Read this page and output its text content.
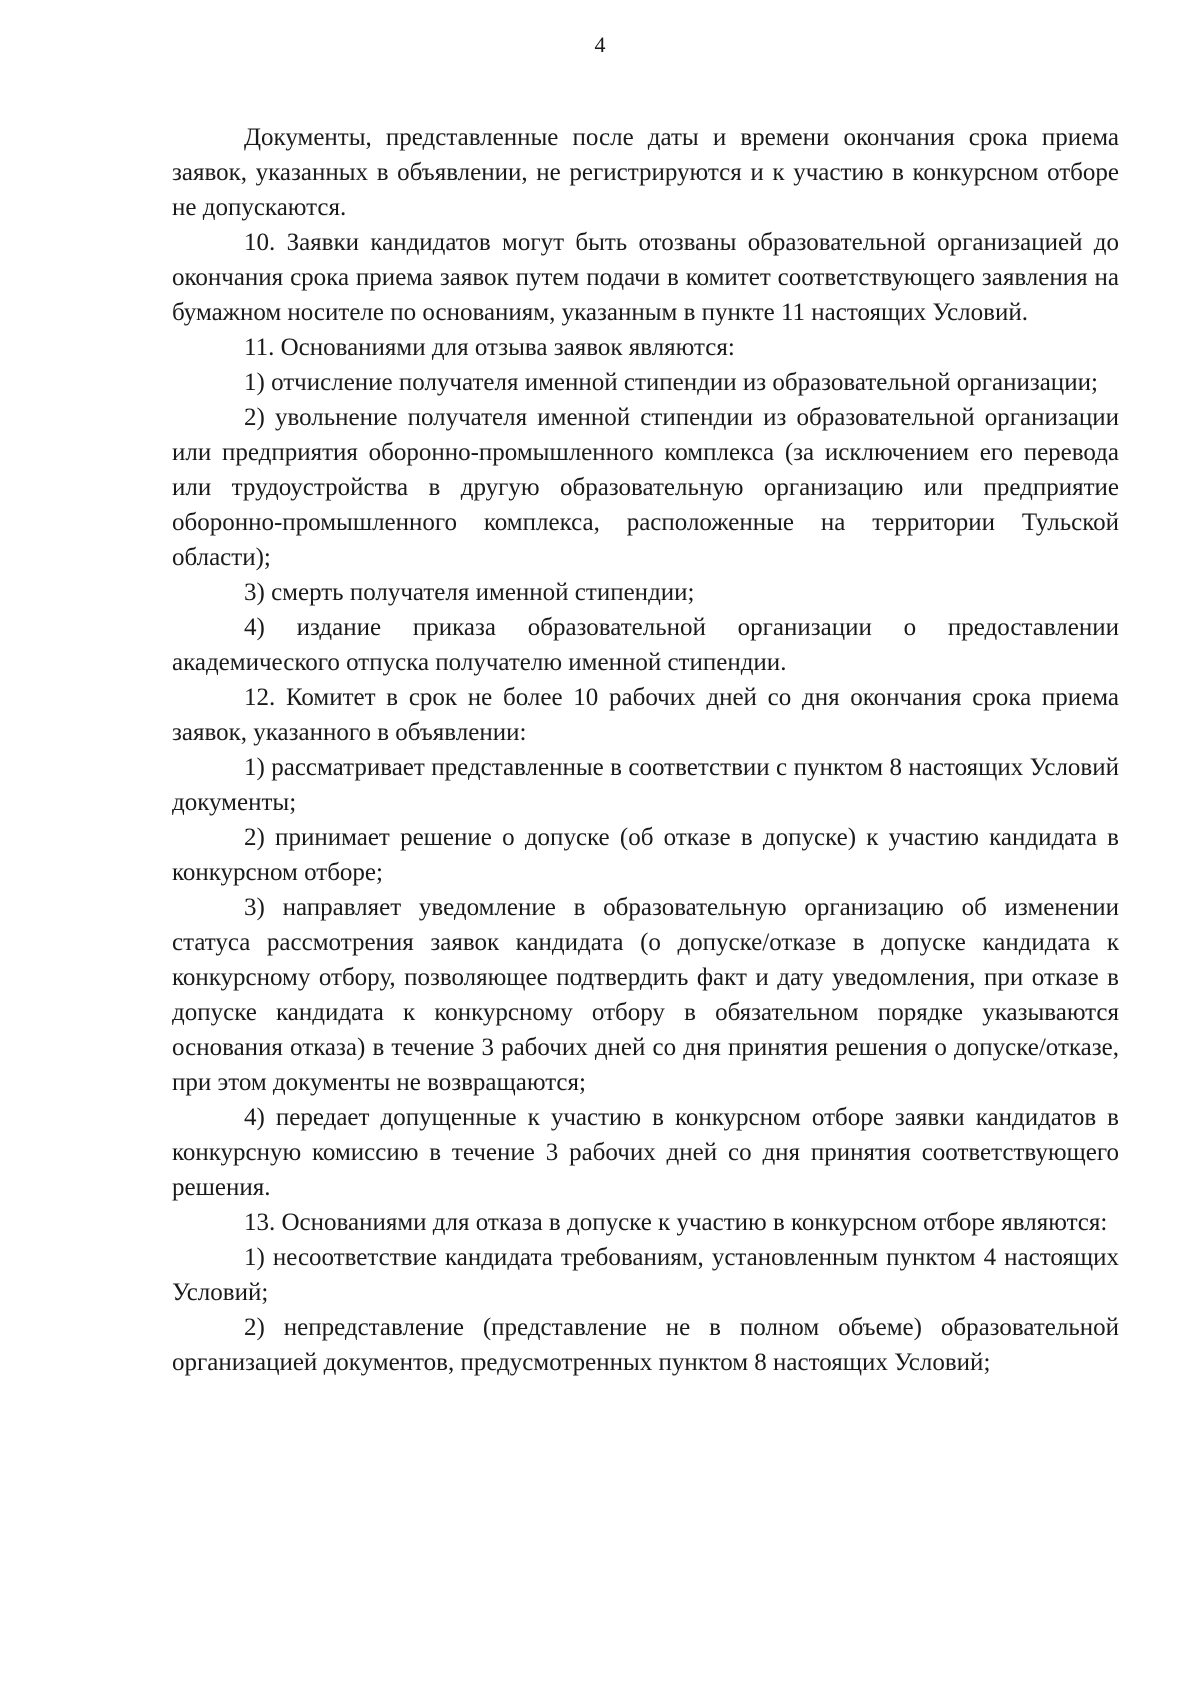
4

Документы, представленные после даты и времени окончания срока приема заявок, указанных в объявлении, не регистрируются и к участию в конкурсном отборе не допускаются.

10. Заявки кандидатов могут быть отозваны образовательной организацией до окончания срока приема заявок путем подачи в комитет соответствующего заявления на бумажном носителе по основаниям, указанным в пункте 11 настоящих Условий.

11. Основаниями для отзыва заявок являются:

1) отчисление получателя именной стипендии из образовательной организации;

2) увольнение получателя именной стипендии из образовательной организации или предприятия оборонно-промышленного комплекса (за исключением его перевода или трудоустройства в другую образовательную организацию или предприятие оборонно-промышленного комплекса, расположенные на территории Тульской области);

3) смерть получателя именной стипендии;

4) издание приказа образовательной организации о предоставлении академического отпуска получателю именной стипендии.

12. Комитет в срок не более 10 рабочих дней со дня окончания срока приема заявок, указанного в объявлении:

1) рассматривает представленные в соответствии с пунктом 8 настоящих Условий документы;

2) принимает решение о допуске (об отказе в допуске) к участию кандидата в конкурсном отборе;

3) направляет уведомление в образовательную организацию об изменении статуса рассмотрения заявок кандидата (о допуске/отказе в допуске кандидата к конкурсному отбору, позволяющее подтвердить факт и дату уведомления, при отказе в допуске кандидата к конкурсному отбору в обязательном порядке указываются основания отказа) в течение 3 рабочих дней со дня принятия решения о допуске/отказе, при этом документы не возвращаются;

4) передает допущенные к участию в конкурсном отборе заявки кандидатов в конкурсную комиссию в течение 3 рабочих дней со дня принятия соответствующего решения.

13. Основаниями для отказа в допуске к участию в конкурсном отборе являются:

1) несоответствие кандидата требованиям, установленным пунктом 4 настоящих Условий;

2) непредставление (представление не в полном объеме) образовательной организацией документов, предусмотренных пунктом 8 настоящих Условий;
